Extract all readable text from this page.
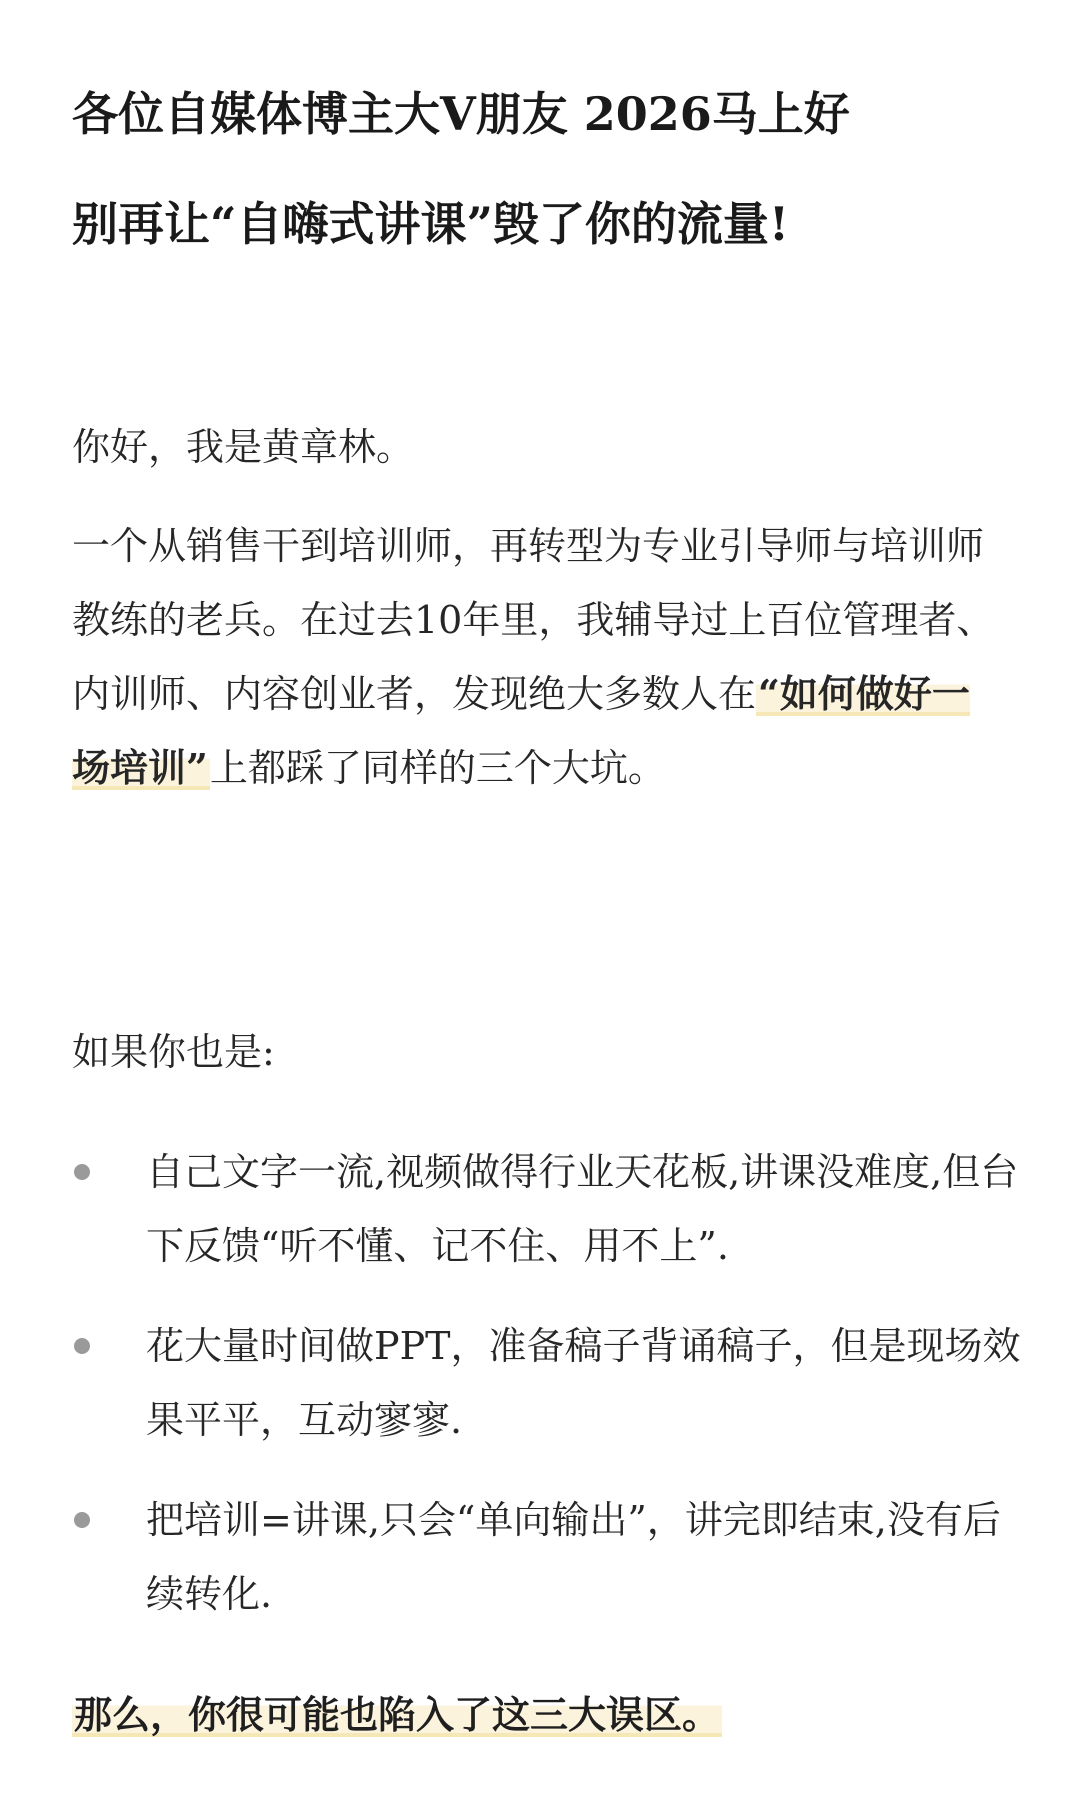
各位自媒体博主大V朋友 2026马上好
别再让“自嗨式讲课”毁了你的流量!

你好，我是黄章林。

一个从销售干到培训师，再转型为专业引导师与培训师教练的老兵。在过去10年里，我辅导过上百位管理者、内训师、内容创业者，发现绝大多数人在“如何做好一场培训”上都踩了同样的三个大坑。

如果你也是:

自己文字一流,视频做得行业天花板,讲课没难度,但台下反馈“听不懂、记不住、用不上”.
花大量时间做PPT，准备稿子背诵稿子，但是现场效果平平，互动寥寥.
把培训=讲课,只会“单向输出”，讲完即结束,没有后续转化.
那么，你很可能也陷入了这三大误区。
